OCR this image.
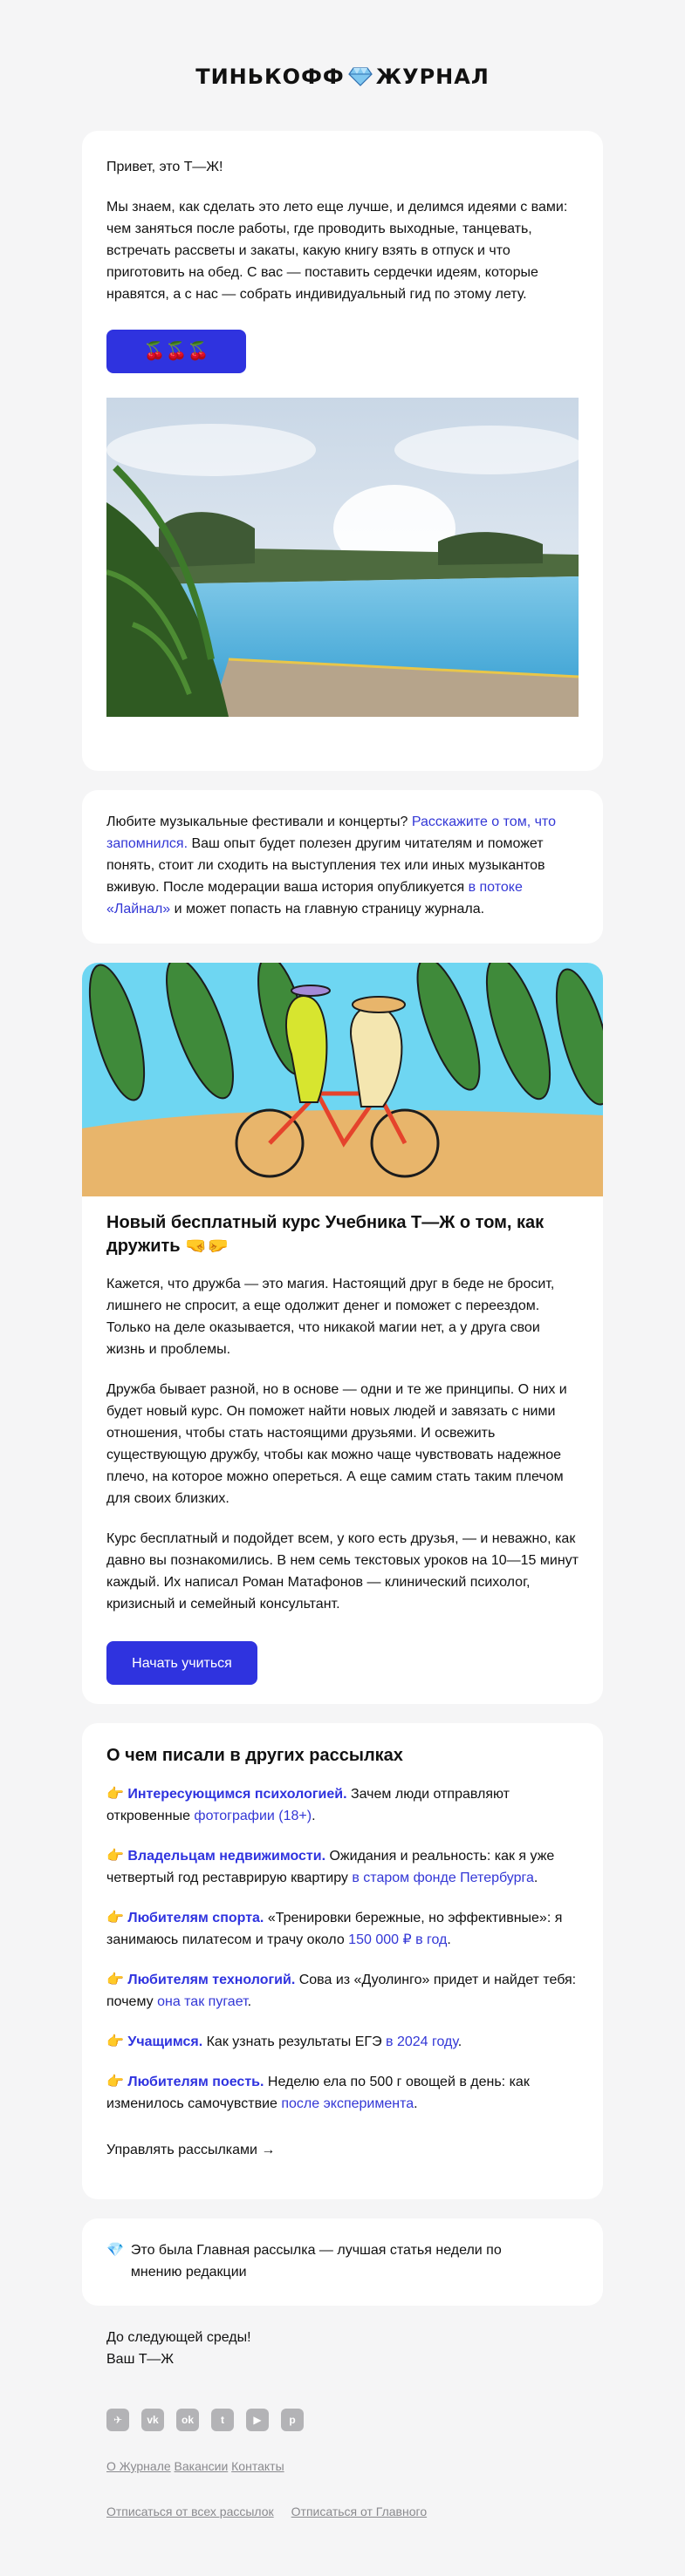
ТИНЬКОФФ ЖУРНАЛ

Привет, это Т—Ж!

Мы знаем, как сделать это лето еще лучше, и делимся идеями с вами: чем заняться после работы, где проводить выходные, танцевать, встречать рассветы и закаты, какую книгу взять в отпуск и что приготовить на обед. С вас — поставить сердечки идеям, которые нравятся, а с нас — собрать индивидуальный гид по этому лету.

🍒🍒🍒

Любите музыкальные фестивали и концерты? Расскажите о том, что запомнился. Ваш опыт будет полезен другим читателям и поможет понять, стоит ли сходить на выступления тех или иных музыкантов вживую. После модерации ваша история опубликуется в потоке «Лайнал» и может попасть на главную страницу журнала.

Новый бесплатный курс Учебника Т—Ж о том, как дружить 🤜🤛

Кажется, что дружба — это магия. Настоящий друг в беде не бросит, лишнего не спросит, а еще одолжит денег и поможет с переездом. Только на деле оказывается, что никакой магии нет, а у друга свои жизнь и проблемы.

Дружба бывает разной, но в основе — одни и те же принципы. О них и будет новый курс. Он поможет найти новых людей и завязать с ними отношения, чтобы стать настоящими друзьями. И освежить существующую дружбу, чтобы как можно чаще чувствовать надежное плечо, на которое можно опереться. А еще самим стать таким плечом для своих близких.

Курс бесплатный и подойдет всем, у кого есть друзья, — и неважно, как давно вы познакомились. В нем семь текстовых уроков на 10—15 минут каждый. Их написал Роман Матафонов — клинический психолог, кризисный и семейный консультант.

Начать учиться

О чем писали в других рассылках

👉 Интересующимся психологией. Зачем люди отправляют откровенные фотографии (18+).
👉 Владельцам недвижимости. Ожидания и реальность: как я уже четвертый год реставрирую квартиру в старом фонде Петербурга.
👉 Любителям спорта. «Тренировки бережные, но эффективные»: я занимаюсь пилатесом и трачу около 150 000 ₽ в год.
👉 Любителям технологий. Сова из «Дуолинго» придет и найдет тебя: почему она так пугает.
👉 Учащимся. Как узнать результаты ЕГЭ в 2024 году.
👉 Любителям поесть. Неделю ела по 500 г овощей в день: как изменилось самочувствие после эксперимента.
Управлять рассылками →
💎 Это была Главная рассылка — лучшая статья недели по мнению редакции

До следующей среды!

Ваш Т—Ж

✈	vk	ok	t	▶	p
О Журнале Вакансии Контакты
Отписаться от всех рассылок Отписаться от Главного
